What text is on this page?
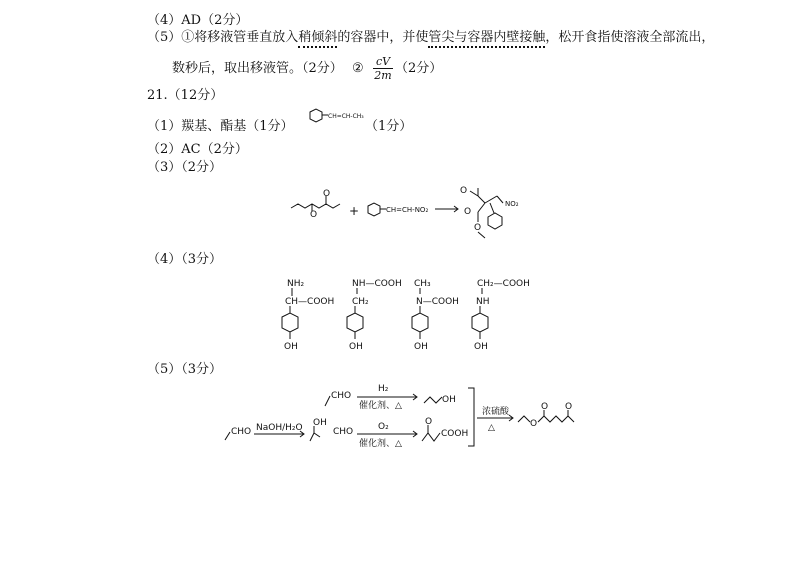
（4）AD（2分）
（5）①将移液管垂直放入稍倾斜的容器中，并使管尖与容器内壁接触，松开食指使溶液全部流出，
数秒后，取出移液管。（2分） ② $\frac{cV}{2m} (2$分）
21.（12分）
（1）羰基、酯基（1分）	（1分）
（2）AC（2分）
（3）（2分）
（4）（3分）
（5）（3分）
CH=CH-CH₃
O
O
+	CH=CH-NO₂
O
O
O
NO₂
NH₂
CH—COOH
OH
NH—COOH
CH₂
OH
CH₃
N—COOH
OH
CH₂—COOH
NH
OH
CHO NaOH/H₂O OH
CHO
CHO
H₂
催化剂、△
OH
O₂
催化剂、△
O
COOH
浓硫酸
△	O
O O
